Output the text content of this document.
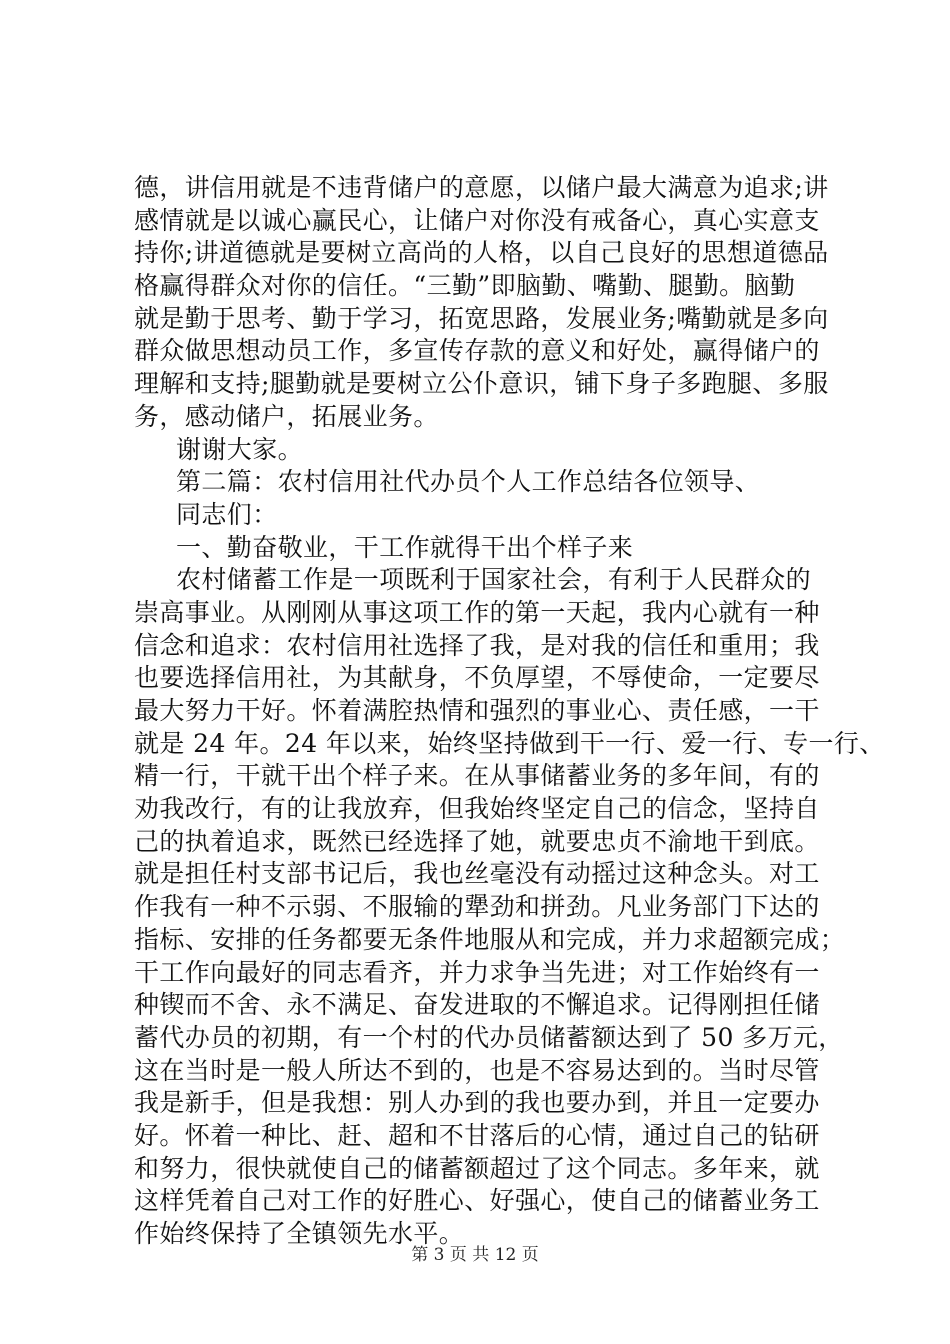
德，讲信用就是不违背储户的意愿，以储户最大满意为追求;讲
感情就是以诚心赢民心，让储户对你没有戒备心，真心实意支
持你;讲道德就是要树立高尚的人格，以自己良好的思想道德品
格赢得群众对你的信任。“三勤”即脑勤、嘴勤、腿勤。脑勤
就是勤于思考、勤于学习，拓宽思路，发展业务;嘴勤就是多向
群众做思想动员工作，多宣传存款的意义和好处，赢得储户的
理解和支持;腿勤就是要树立公仆意识，铺下身子多跑腿、多服
务，感动储户，拓展业务。
谢谢大家。
第二篇：农村信用社代办员个人工作总结各位领导、
同志们：
一、勤奋敬业，干工作就得干出个样子来
农村储蓄工作是一项既利于国家社会，有利于人民群众的
崇高事业。从刚刚从事这项工作的第一天起，我内心就有一种
信念和追求：农村信用社选择了我，是对我的信任和重用；我
也要选择信用社，为其献身，不负厚望，不辱使命，一定要尽
最大努力干好。怀着满腔热情和强烈的事业心、责任感，一干
就是 24 年。24 年以来，始终坚持做到干一行、爱一行、专一行、
精一行，干就干出个样子来。在从事储蓄业务的多年间，有的
劝我改行，有的让我放弃，但我始终坚定自己的信念，坚持自
己的执着追求，既然已经选择了她，就要忠贞不渝地干到底。
就是担任村支部书记后，我也丝毫没有动摇过这种念头。对工
作我有一种不示弱、不服输的犟劲和拼劲。凡业务部门下达的
指标、安排的任务都要无条件地服从和完成，并力求超额完成；
干工作向最好的同志看齐，并力求争当先进；对工作始终有一
种锲而不舍、永不满足、奋发进取的不懈追求。记得刚担任储
蓄代办员的初期，有一个村的代办员储蓄额达到了 50 多万元，
这在当时是一般人所达不到的，也是不容易达到的。当时尽管
我是新手，但是我想：别人办到的我也要办到，并且一定要办
好。怀着一种比、赶、超和不甘落后的心情，通过自己的钻研
和努力，很快就使自己的储蓄额超过了这个同志。多年来，就
这样凭着自己对工作的好胜心、好强心，使自己的储蓄业务工
作始终保持了全镇领先水平。
第 3 页 共 12 页
